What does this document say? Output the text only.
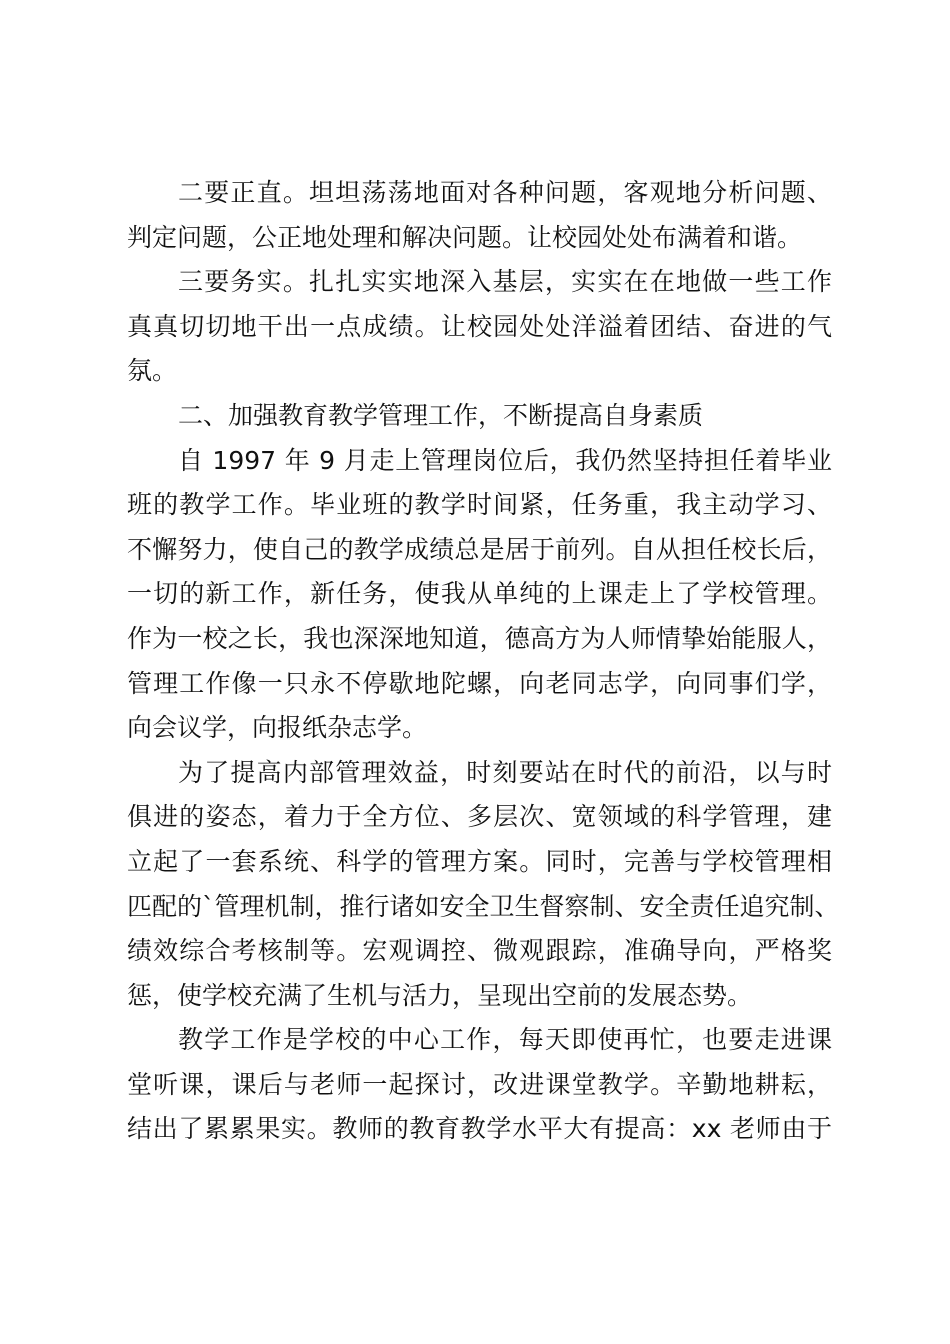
二要正直。坦坦荡荡地面对各种问题，客观地分析问题、
判定问题，公正地处理和解决问题。让校园处处布满着和谐。
三要务实。扎扎实实地深入基层，实实在在地做一些工作
真真切切地干出一点成绩。让校园处处洋溢着团结、奋进的气
氛。
二、加强教育教学管理工作，不断提高自身素质
自 1997 年 9 月走上管理岗位后，我仍然坚持担任着毕业
班的教学工作。毕业班的教学时间紧，任务重，我主动学习、
不懈努力，使自己的教学成绩总是居于前列。自从担任校长后，
一切的新工作，新任务，使我从单纯的上课走上了学校管理。
作为一校之长，我也深深地知道，德高方为人师情挚始能服人，
管理工作像一只永不停歇地陀螺，向老同志学，向同事们学，
向会议学，向报纸杂志学。
为了提高内部管理效益，时刻要站在时代的前沿，以与时
俱进的姿态，着力于全方位、多层次、宽领域的科学管理，建
立起了一套系统、科学的管理方案。同时，完善与学校管理相
匹配的`管理机制，推行诸如安全卫生督察制、安全责任追究制、
绩效综合考核制等。宏观调控、微观跟踪，准确导向，严格奖
惩，使学校充满了生机与活力，呈现出空前的发展态势。
教学工作是学校的中心工作，每天即使再忙，也要走进课
堂听课，课后与老师一起探讨，改进课堂教学。辛勤地耕耘，
结出了累累果实。教师的教育教学水平大有提高：xx 老师由于
